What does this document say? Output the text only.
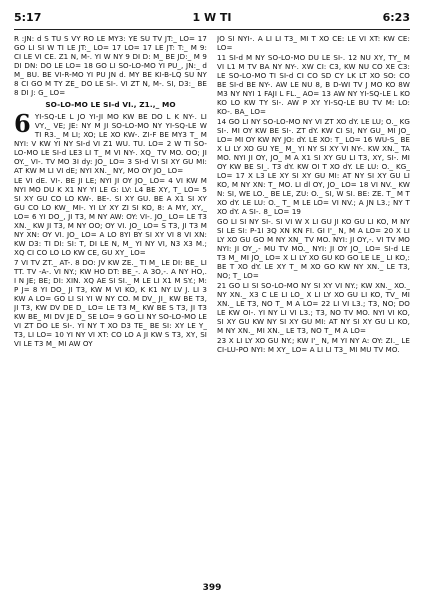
5:17	1 W TI	6:23

R :JN: d S TU S VY RO LE MY3: YE SU TV JT:_ LO= 17 GO LI SI W TI LE JT:_ LO= 17 LO= 17 LE JT: T:_ M 9: CI LE VI CE. Z1 N, M-. YI W NY 9 DI D: M_ BE JD:_ M 9 DI DN: DO LE LO= 18 GO LI SO-LO-MO YI PU_, JN:_ d M_ BU. BE VI-R-MO YI PU JN d. MY BE KI-B-LQ SU NY 8 CI GO M TY ZE_ DO LE SI-. VI ZT N, M-. SI, D3:_ BE 8 DI J: G_ LO=

SO-LO-MO LE SI-d VI., Z1.,_ MO

6 YI-SQ-LE L JO YI-JI MO KW BE DO L K NY-. LI VY,_ VE; JE: NY M JI SO-LO-MO NY YI-SQ-LE W TI R3._ M LI; XO; LE XO KW-. ZI-F BE MY3 T_ M NYI: V KW YI NY SI-d VI Z1 WU. TU. LO= 2 W TI SO-LO-MO LE SI-d LE3 LI T_ M VI NY-. XQ_ TV MO. OO; JI OY._ VI-. TV MO 3I dy: JO_ LO= 3 SI-d VI SI XY GU MI: AT KW M LI VI dE; NYI XN._ NY, MO OY JO_ LO=

LE VI dE. VI-. BE JI LE; NYI JI OY JO_ LO= 4 VI KW M NYI MO DU K X1 NY YI LE G: LV: L4 BE XY, T_ LO= 5 SI XY GU CO LO KW-. BE-. SI XY GU. BE A X1 SI XY GU CO LO KW_ MI-. YI LY XY ZI SI KO, 8: A MY, XY,_ LO= 6 YI DO_, JI T3, M NY AW: OY: VI-. JO_ LO= LE T3 XN._ KW JI T3, M NY OO; OY VI. JO_ LO= S T3, JI T3 M NY XN: OY VI. JO_ LO= A LO 8YI BY SI XY VI 8 VI XN: KW D3: TI DI: SI: T, DI LE N, M_ YI NY VI, N3 X3 M.; XQ CI CO LO LO KW CE, GU XY_ LO=

7 VI TV ZT._ AT-. 8 DO: JV KW ZE._ TI M_ LE DI: BE_ LI TT. TV -A-. VI NY.; KW HO DT: BE_-. A 3O,-. A NY HO,. I N JE; BE; DI: XIN. XQ AE SI SI._ M LE LI X1 M SY.; M: P J= 8 YI DO_ JI T3, KW M VI KO, K K1 NY LV J. LI 3 KW A LO= GO LI SI YI W NY CO. M DV_ JI_ KW BE T3, JI T3, KW DV DE D_ LO= LE T3 M_ KW BE S T3, JI T3 KW BE_ MI DV JE D_ SE LO= 9 GO LI NY SO-LO-MO LE VI ZT DO LE SI-. YI NY T XO D3 TE_ BE SI: XY LE Y_ T3, LI LO= 10 YI NY VI XT: CO LO A JI KW S T3, XY, SI VI LE T3 M_ MI AW OY

JO SI NYI-. A LI LI T3_ MI T XO CE: LE VI XT: KW CE: LO=

11 SI-d M NY SO-LO-MO DU LE SI-. 12 NU XY, TY_ M VI L1 M TV BA NY NY-. XW CI: C3, KW NU CO XE C3: LE SO-LO-MO TI SI-d CI CO SD CY LK LT XO SO: CO BE SI-d BE NY-. AW LE NU 8, B D-WI TV J MO KO 8W M3 NY NYI 1 FAJI L FL._ AO= 13 AW NY YI-SQ-LE L KO KO LO KW TY SI-. AW P XY YI-SQ-LE BU TV M: LO: KO-. BA_ LO=

14 GO LI NY SO-LO-MO NY VI ZT XO dY. LE LU; O._ KG SI-. MI OY KW BE SI-. ZT dY. KW CI SI, NY GU_ MI JO_ LO= MI OY KW NY JO: dY. LE XO: T_ LO= 16 WU-S_ BE X LI LY XO GU YE_ M_ YI NY SI XY VI NY-. KW XN._ TA MO. NYI JI OY, JO_ M A X1 SI XY GU LI T3, XY, SI-. MI OY KW BE SI_. T3 dY. KW OI T XO dY. LE LU: O._ KG_ LO= 17 X L3 LE XY SI XY GU MI: AT NY SI XY GU LI KO, M NY XN: T_ MO. LI dl OY, JO_ LO= 18 VI NV._ KW N: SI, WE LO._ BE LE, ZU: O._ SI, W SI. BE: ZE. T_ M T XO dY. LE LU: O._ T_ M LE LO= VI NV.; A JN L3.; NY T XO dY. A SI-. 8_ LO= 19

GO LI SI NY SI-. SI VI W X LI GU JI KO GU LI KO, M NY SI LE SI: P-1I 3Q XN KN FI. GI I'_ N, M A LO= 20 X LI LY XO GU GO M NY XN_ TV MO. NYI: JI OY,-. VI TV MO NYI: JI OY_,- MU TV MO._ NYI: JI OY JO_ LO= SI-d LE T3 M_ MI JO_ LO= X LI LY XO GU KO GO LE LE_ LI KO,: BE T XO dY. LE XY T_ M XO GO KW NY XN._ LE T3, NO; T_ LO=

21 GO LI SI SO-LO-MO NY SI XY VI NY.; KW XN._ XO._ NY XN._ X3 C LE LI LO_ X LI LY XO GU LI KO, TV_ MI XN._ LE T3, NO T_ M A LO= 22 LI VI L3.; T3, NO; DO LE KW OI-. YI NY LI VI L3.; T3, NO TV MO. NYI VI KO, SI XY GU KW NY SI XY GU MI: AT NY SI XY GU LI KO, M NY XN._ MI XN._ LE T3, NO T_ M A LO=

23 X LI LY XO GU NY.; KW I'_ N, M YI NY A: OY: ZI._ LE CI-LU-PO NYI: M XY_ LO= A LI LI T3_ MI MU TV MO.

399
